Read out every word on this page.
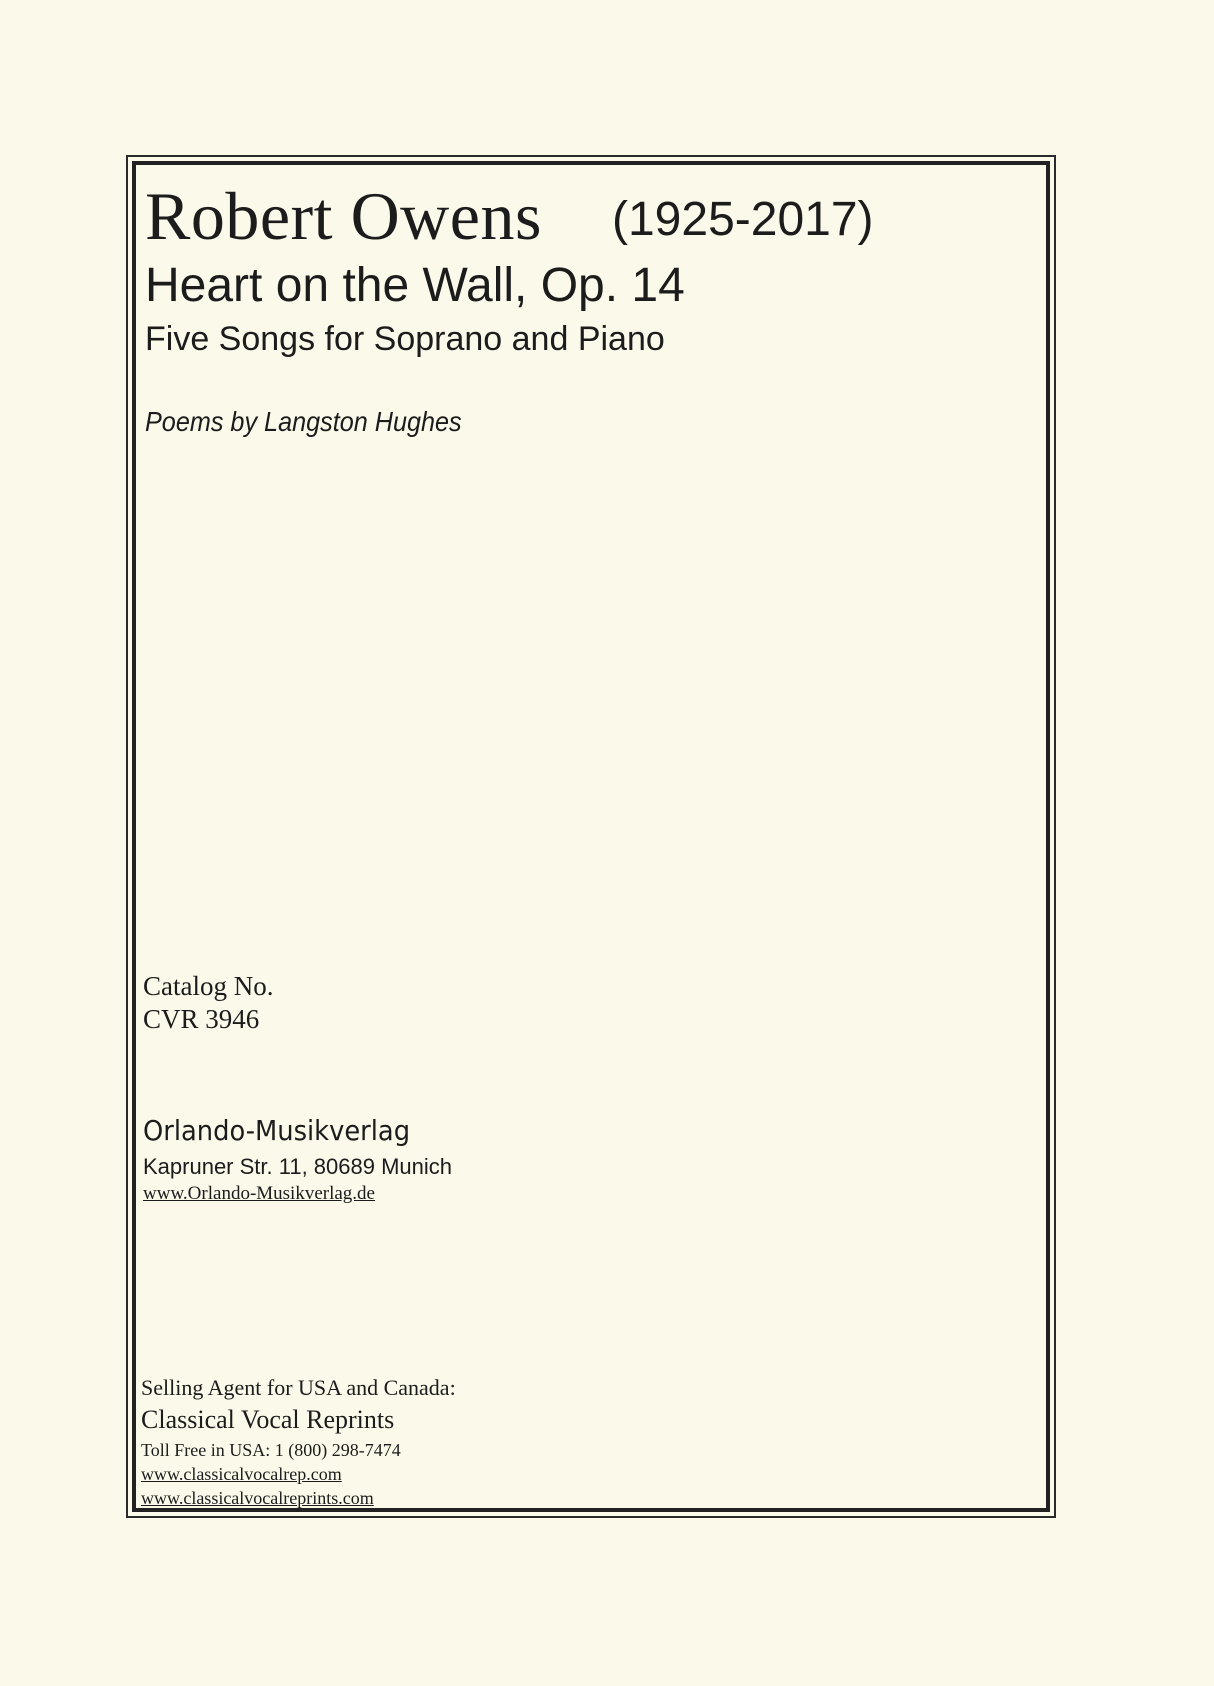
Robert Owens (1925-2017)
Heart on the Wall, Op. 14
Five Songs for Soprano and Piano
Poems by Langston Hughes
Catalog No.
CVR 3946
Orlando-Musikverlag
Kapruner Str. 11, 80689 Munich
www.Orlando-Musikverlag.de
Selling Agent for USA and Canada:
Classical Vocal Reprints
Toll Free in USA: 1 (800) 298-7474
www.classicalvocalrep.com
www.classicalvocalreprints.com
